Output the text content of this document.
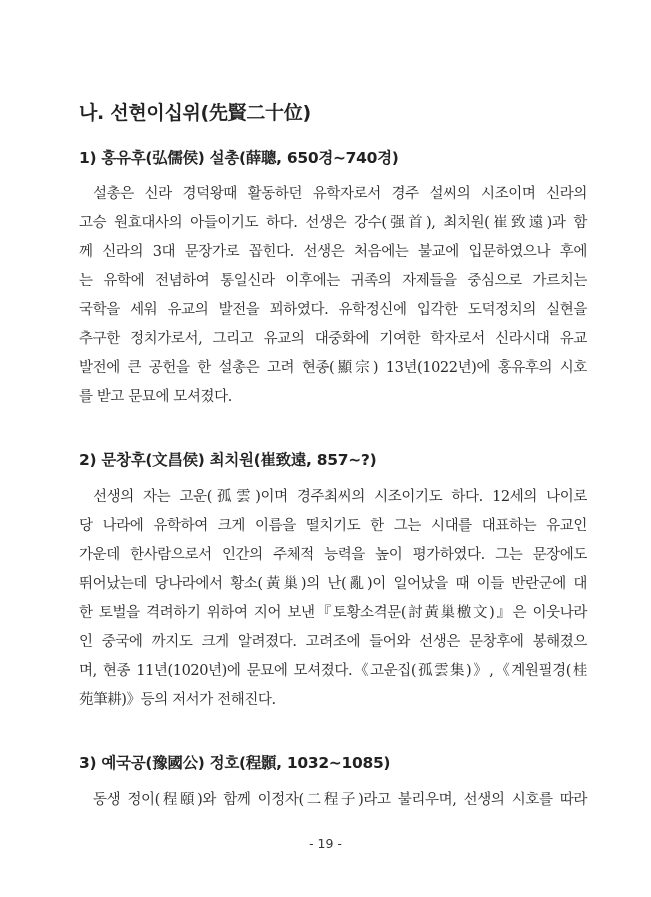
나. 선현이십위(先賢二十位)
1) 홍유후(弘儒侯) 설총(薛聰, 650경~740경)

설총은 신라 경덕왕때 활동하던 유학자로서 경주 설씨의 시조이며 신라의

고승 원효대사의 아들이기도 하다. 선생은 강수(强首), 최치원(崔致遠)과 함

께 신라의 3대 문장가로 꼽힌다. 선생은 처음에는 불교에 입문하였으나 후에

는 유학에 전념하여 통일신라 이후에는 귀족의 자제들을 중심으로 가르치는

국학을 세워 유교의 발전을 꾀하였다. 유학정신에 입각한 도덕정치의 실현을

추구한 정치가로서, 그리고 유교의 대중화에 기여한 학자로서 신라시대 유교

발전에 큰 공헌을 한 설총은 고려 현종(顯宗) 13년(1022년)에 홍유후의 시호

를 받고 문묘에 모셔졌다.

2) 문창후(文昌侯) 최치원(崔致遠, 857~?)

선생의 자는 고운(孤雲)이며 경주최씨의 시조이기도 하다. 12세의 나이로

당 나라에 유학하여 크게 이름을 떨치기도 한 그는 시대를 대표하는 유교인

가운데 한사람으로서 인간의 주체적 능력을 높이 평가하였다. 그는 문장에도

뛰어났는데 당나라에서 황소(黃巢)의 난(亂)이 일어났을 때 이들 반란군에 대

한 토벌을 격려하기 위하여 지어 보낸『토황소격문(討黃巢檄文)』은 이웃나라

인 중국에 까지도 크게 알려졌다. 고려조에 들어와 선생은 문창후에 봉해졌으

며, 현종 11년(1020년)에 문묘에 모셔졌다.《고운집(孤雲集)》,《계원필경(桂

苑筆耕)》등의 저서가 전해진다.

3) 예국공(豫國公) 정호(程顥, 1032~1085)

동생 정이(程頤)와 함께 이정자(二程子)라고 불리우며, 선생의 시호를 따라

- 19 -
